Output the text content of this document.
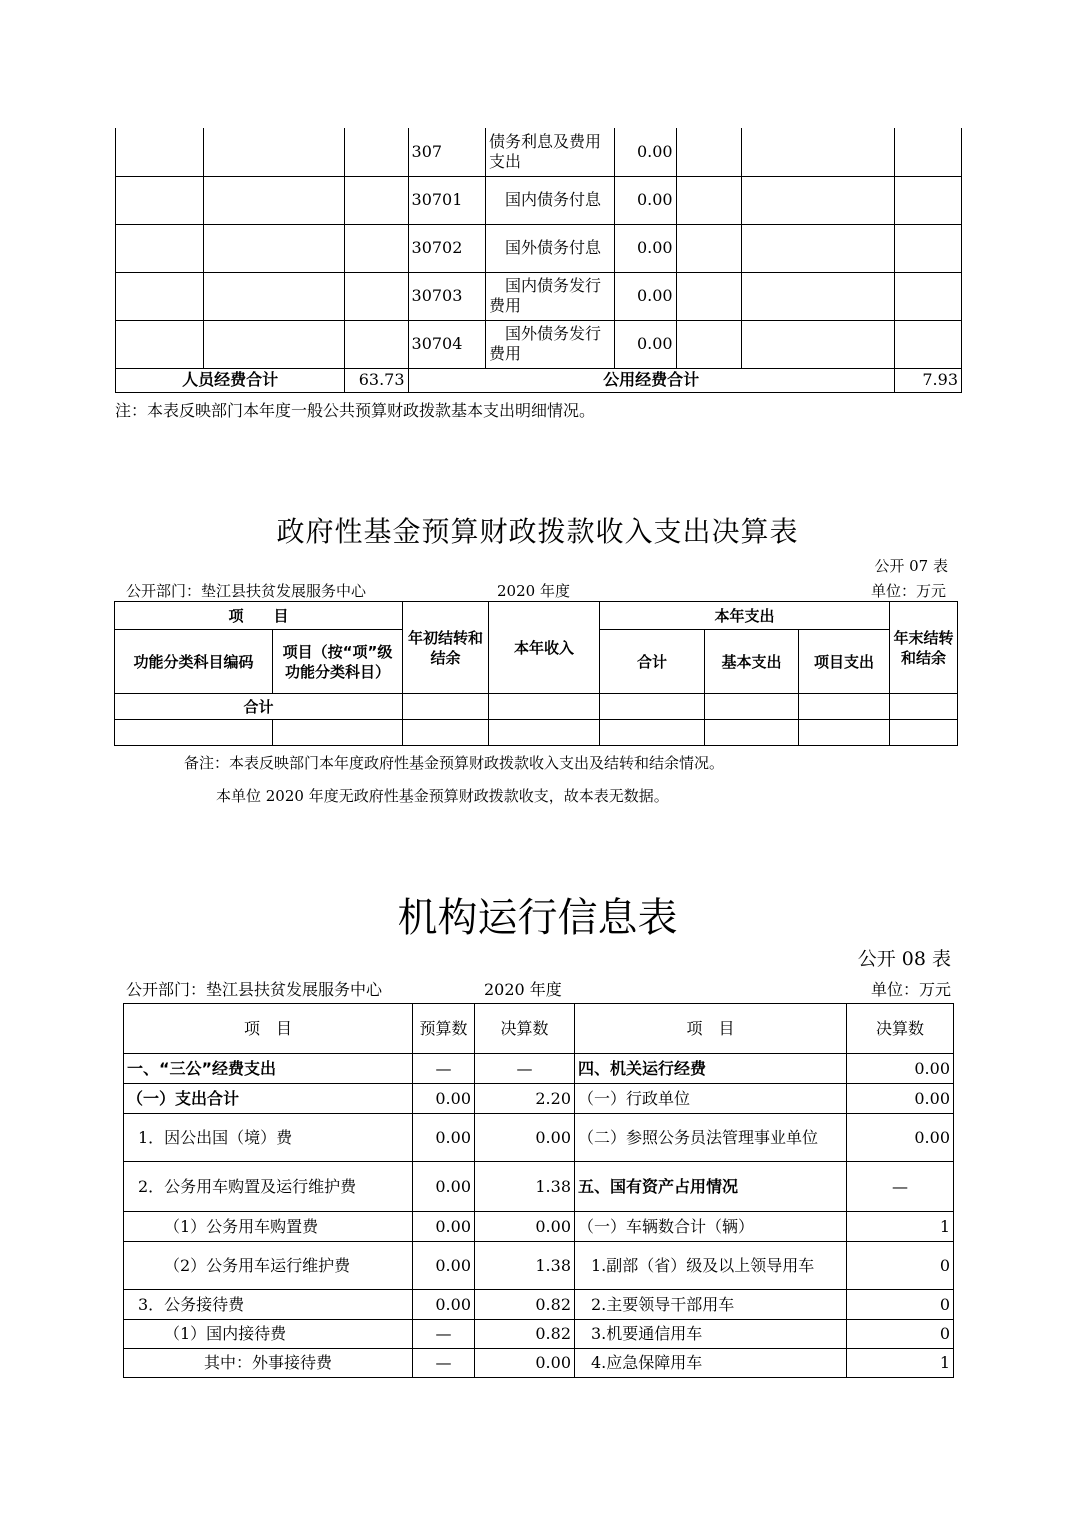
			307	债务利息及费用支出	0.00			
			30701	国内债务付息	0.00			
			30702	国外债务付息	0.00			
			30703	国内债务发行费用	0.00			
			30704	国外债务发行费用	0.00			
人员经费合计		63.73	公用经费合计					7.93
注：本表反映部门本年度一般公共预算财政拨款基本支出明细情况。
政府性基金预算财政拨款收入支出决算表
公开 07 表
公开部门：垫江县扶贫发展服务中心	2020 年度	单位：万元
项　　目		年初结转和结余	本年收入	本年支出			年末结转和结余
功能分类科目编码	项目（按“项”级功能分类科目）			合计	基本支出	项目支出	
合计							

备注：本表反映部门本年度政府性基金预算财政拨款收入支出及结转和结余情况。
本单位 2020 年度无政府性基金预算财政拨款收支，故本表无数据。
机构运行信息表
公开 08 表
公开部门：垫江县扶贫发展服务中心	2020 年度	单位：万元
项　目	预算数	决算数	项　目	决算数
一、“三公”经费支出	—	—	四、机关运行经费	0.00
（一）支出合计	0.00	2.20	（一）行政单位	0.00
1．因公出国（境）费	0.00	0.00	（二）参照公务员法管理事业单位	0.00
2．公务用车购置及运行维护费	0.00	1.38	五、国有资产占用情况	—
（1）公务用车购置费	0.00	0.00	（一）车辆数合计（辆）	1
（2）公务用车运行维护费	0.00	1.38	1.副部（省）级及以上领导用车	0
3．公务接待费	0.00	0.82	2.主要领导干部用车	0
（1）国内接待费	—	0.82	3.机要通信用车	0
其中：外事接待费	—	0.00	4.应急保障用车	1
